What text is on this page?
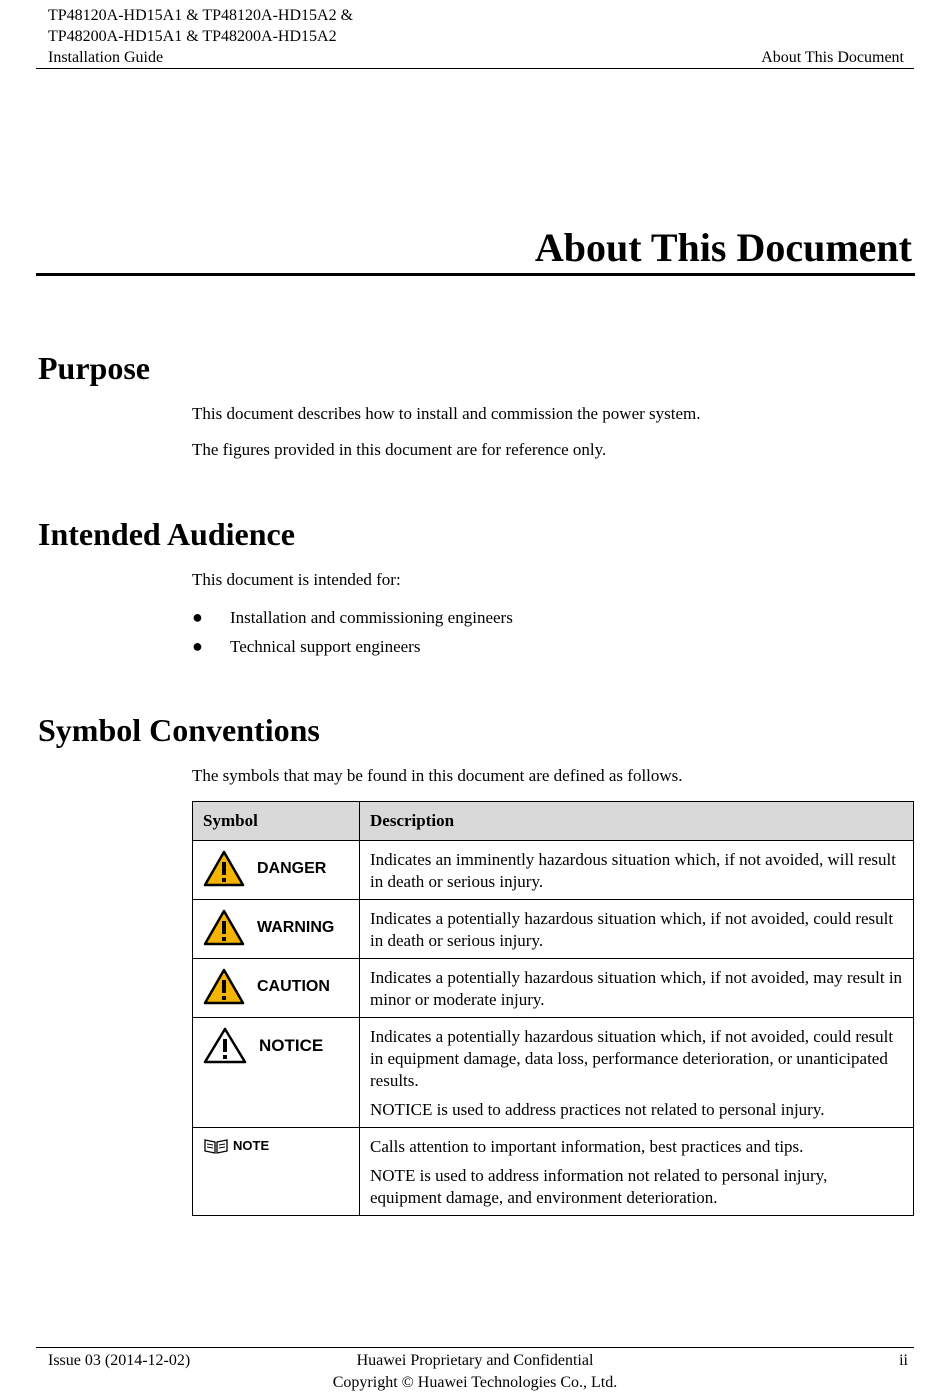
TP48120A-HD15A1 & TP48120A-HD15A2 &
TP48200A-HD15A1 & TP48200A-HD15A2
Installation Guide	About This Document
About This Document
Purpose
This document describes how to install and commission the power system.
The figures provided in this document are for reference only.
Intended Audience
This document is intended for:
● Installation and commissioning engineers
● Technical support engineers
Symbol Conventions
The symbols that may be found in this document are defined as follows.
Symbol	Description

DANGER	Indicates an imminently hazardous situation which, if not avoided, will result in death or serious injury.

WARNING	Indicates a potentially hazardous situation which, if not avoided, could result in death or serious injury.

CAUTION	Indicates a potentially hazardous situation which, if not avoided, may result in minor or moderate injury.

NOTICE	Indicates a potentially hazardous situation which, if not avoided, could result in equipment damage, data loss, performance deterioration, or unanticipated results.

NOTICE is used to address practices not related to personal injury.

NOTE	Calls attention to important information, best practices and tips.

NOTE is used to address information not related to personal injury, equipment damage, and environment deterioration.

Issue 03 (2014-12-02)	Huawei Proprietary and Confidential
Copyright © Huawei Technologies Co., Ltd.
ii
